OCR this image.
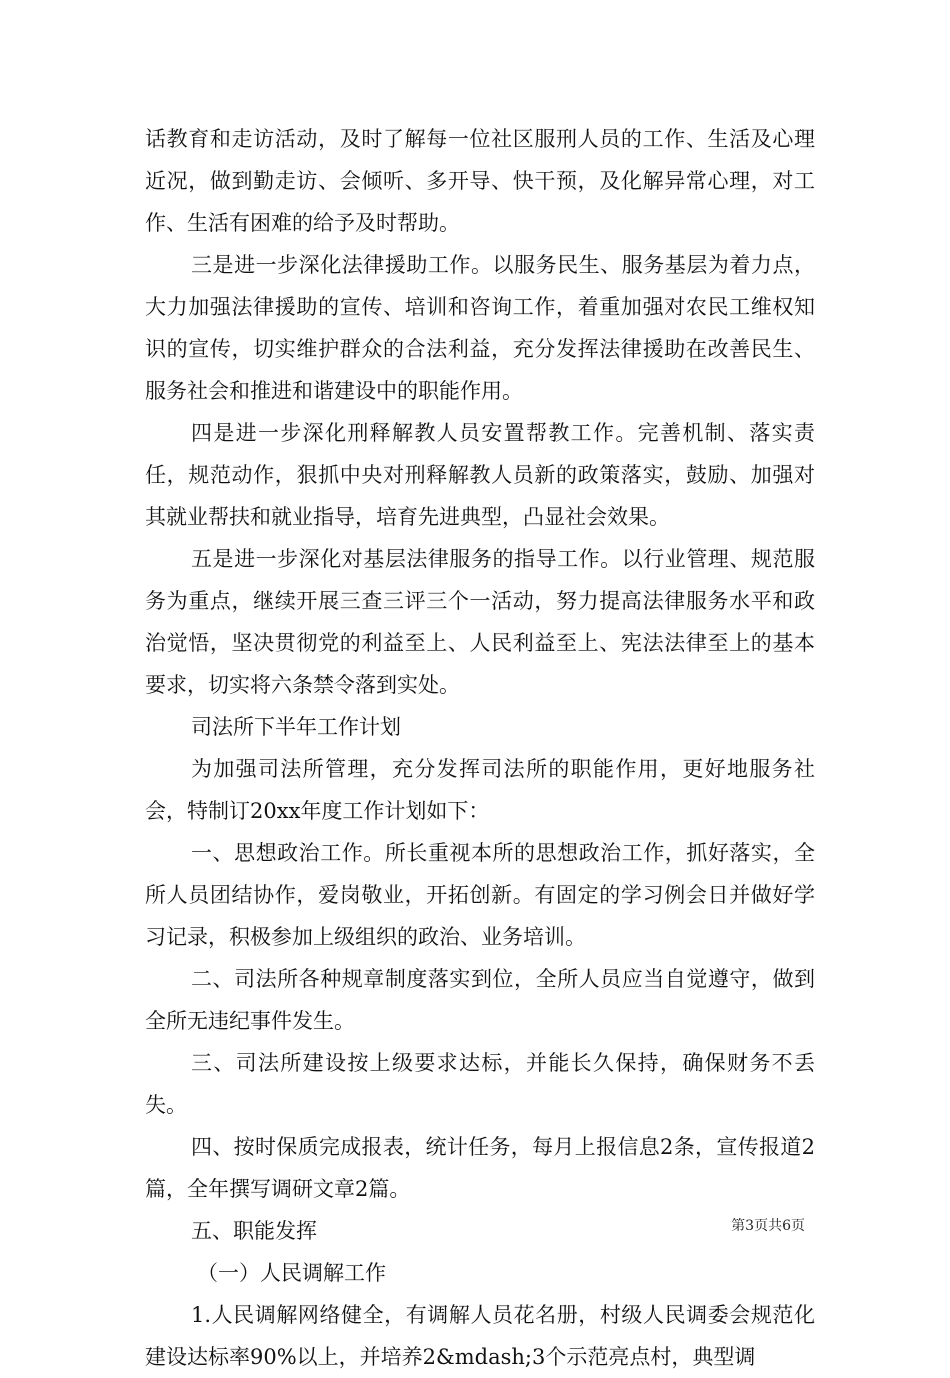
话教育和走访活动，及时了解每一位社区服刑人员的工作、生活及心理近况，做到勤走访、会倾听、多开导、快干预，及化解异常心理，对工作、生活有困难的给予及时帮助。

三是进一步深化法律援助工作。以服务民生、服务基层为着力点，大力加强法律援助的宣传、培训和咨询工作，着重加强对农民工维权知识的宣传，切实维护群众的合法利益，充分发挥法律援助在改善民生、服务社会和推进和谐建设中的职能作用。

四是进一步深化刑释解教人员安置帮教工作。完善机制、落实责任，规范动作，狠抓中央对刑释解教人员新的政策落实，鼓励、加强对其就业帮扶和就业指导，培育先进典型，凸显社会效果。

五是进一步深化对基层法律服务的指导工作。以行业管理、规范服务为重点，继续开展三查三评三个一活动，努力提高法律服务水平和政治觉悟，坚决贯彻党的利益至上、人民利益至上、宪法法律至上的基本要求，切实将六条禁令落到实处。

司法所下半年工作计划

为加强司法所管理，充分发挥司法所的职能作用，更好地服务社会，特制订20xx年度工作计划如下：

一、思想政治工作。所长重视本所的思想政治工作，抓好落实，全所人员团结协作，爱岗敬业，开拓创新。有固定的学习例会日并做好学习记录，积极参加上级组织的政治、业务培训。

二、司法所各种规章制度落实到位，全所人员应当自觉遵守，做到全所无违纪事件发生。

三、司法所建设按上级要求达标，并能长久保持，确保财务不丢失。

四、按时保质完成报表，统计任务，每月上报信息2条，宣传报道2篇，全年撰写调研文章2篇。

五、职能发挥

（一）人民调解工作

1.人民调解网络健全，有调解人员花名册，村级人民调委会规范化建设达标率90%以上，并培养2&mdash;3个示范亮点村，典型调

第3页共6页
